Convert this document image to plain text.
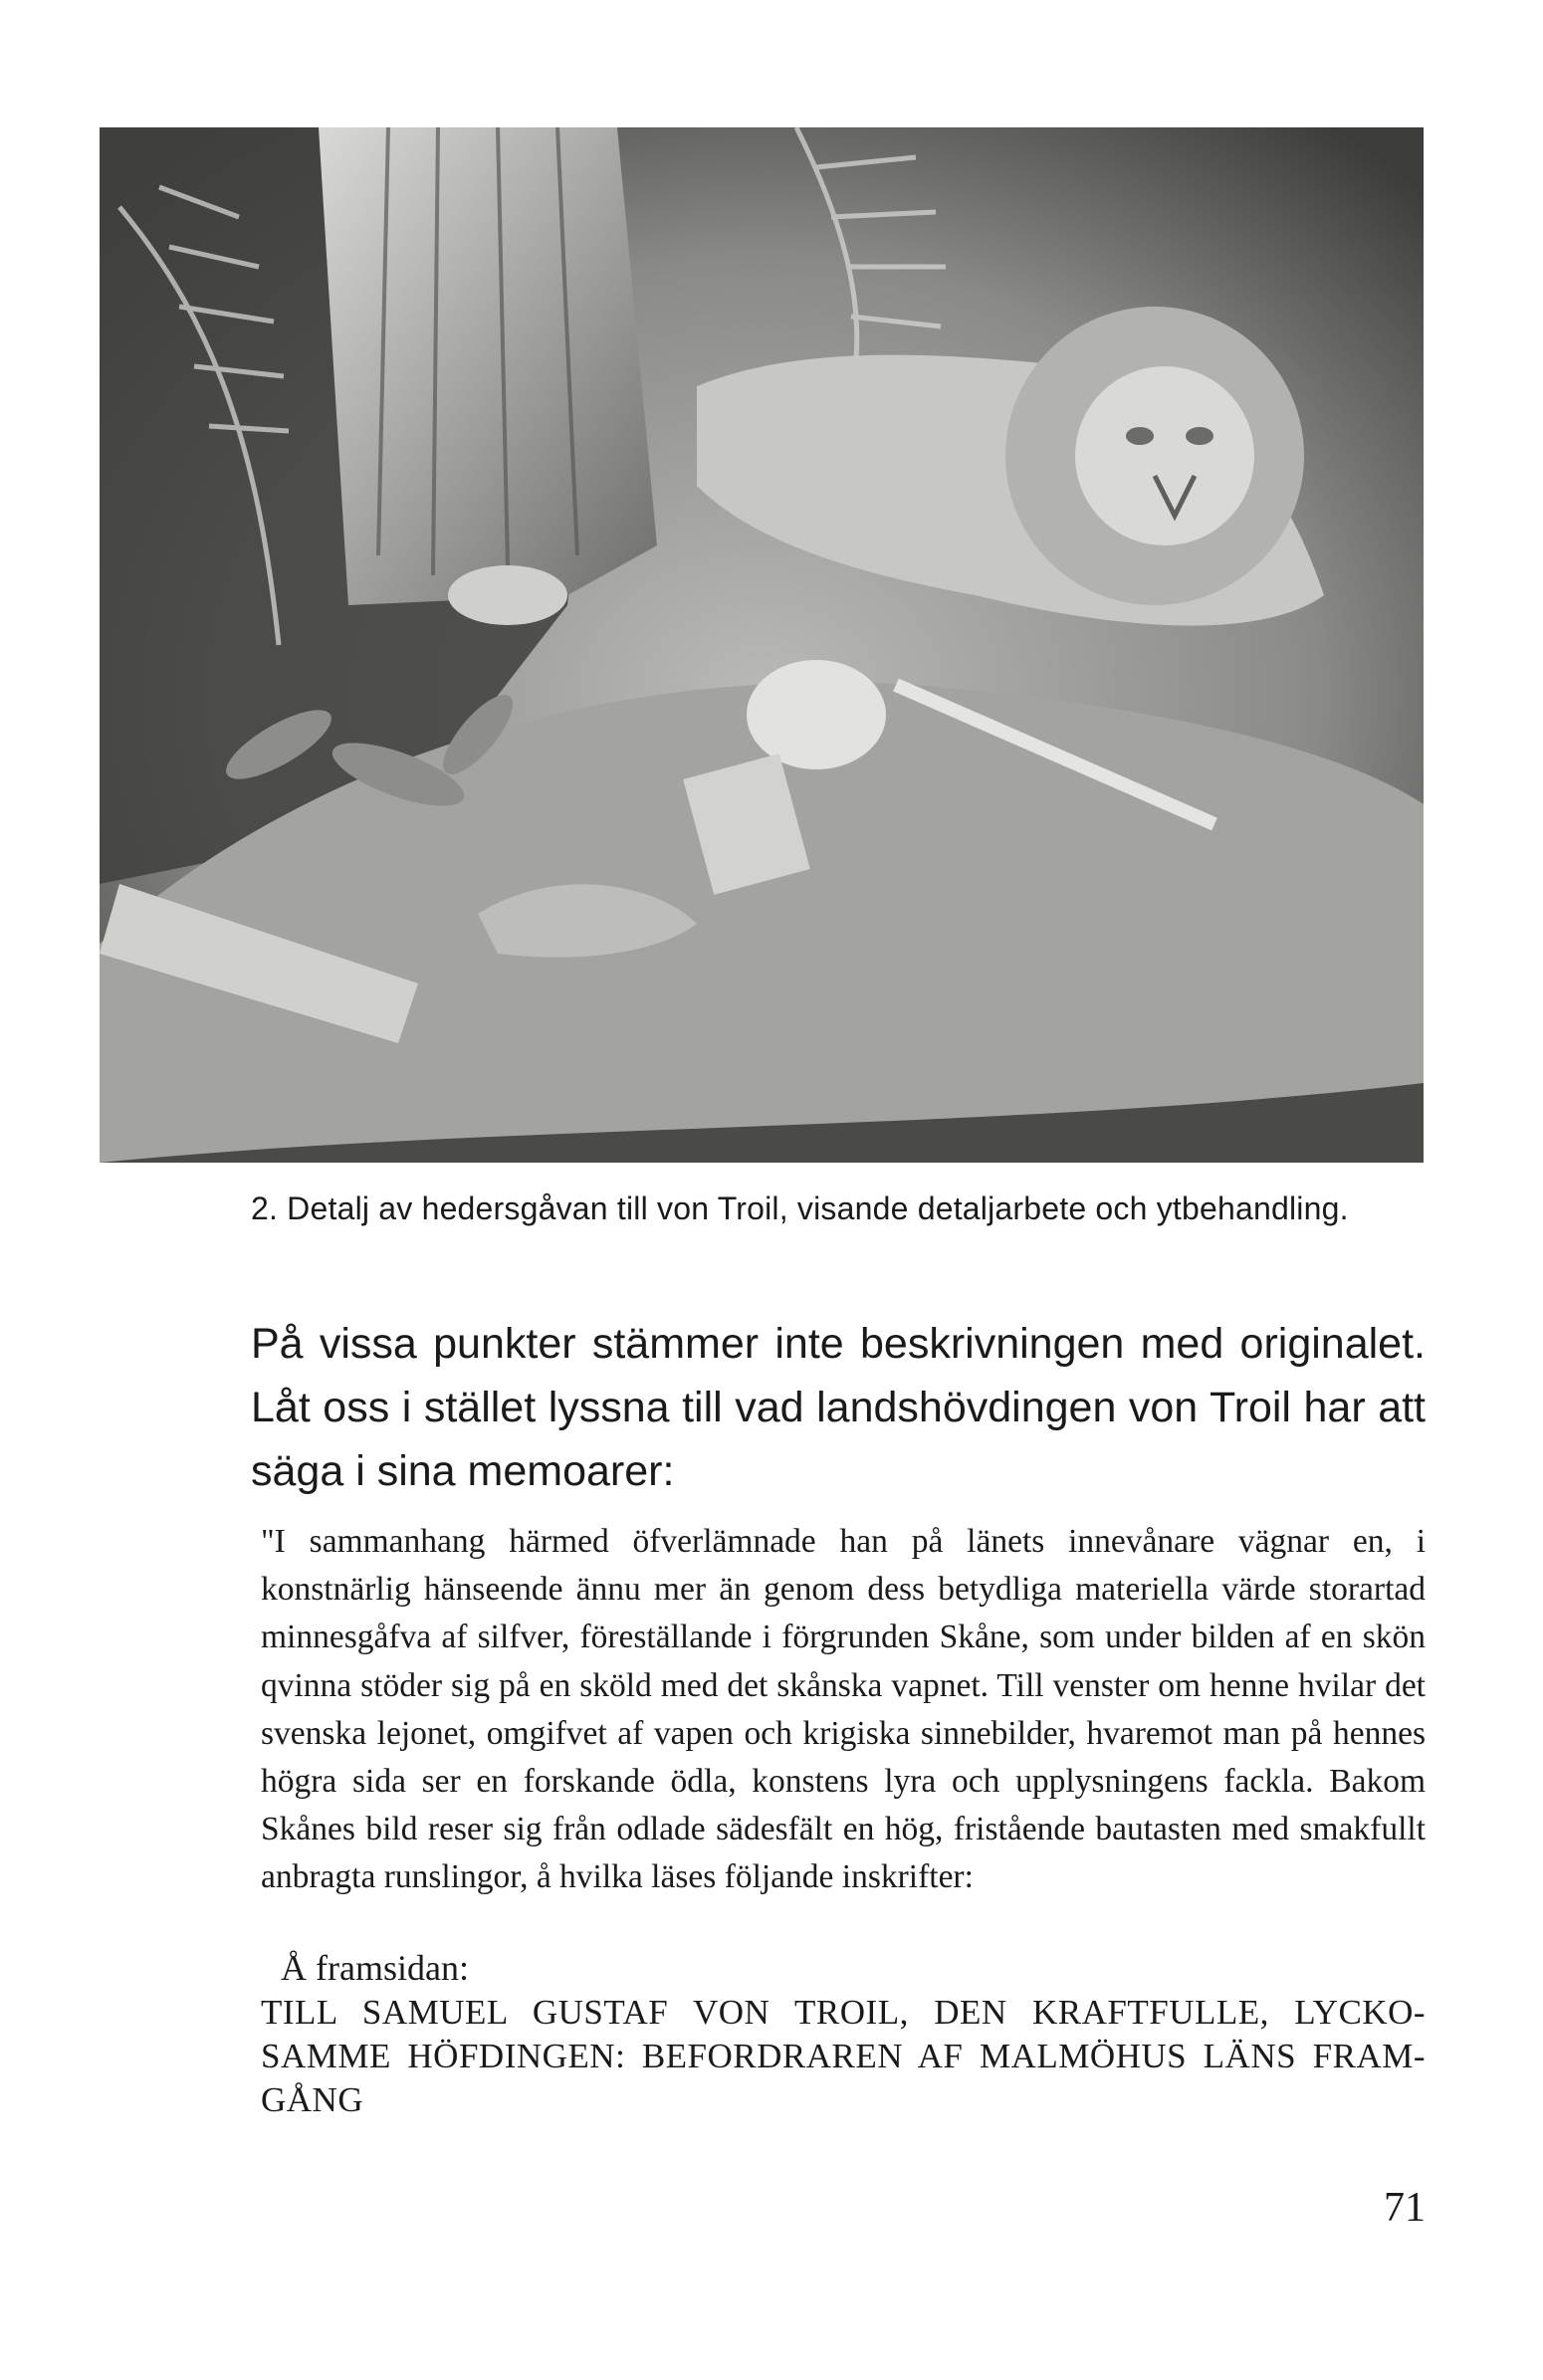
2. Detalj av hedersgåvan till von Troil, visande detaljarbete och ytbehandling.
På vissa punkter stämmer inte beskrivningen med originalet. Låt oss i stället lyssna till vad landshövdingen von Troil har att säga i sina memoarer:
"I sammanhang härmed öfverlämnade han på länets innevånare vägnar en, i konstnärlig hänseende ännu mer än genom dess betydliga materiella värde storartad minnesgåfva af silfver, föreställande i förgrunden Skåne, som under bilden af en skön qvinna stöder sig på en sköld med det skånska vapnet. Till venster om henne hvilar det svenska lejonet, omgifvet af vapen och krigiska sinnebilder, hvaremot man på hennes högra sida ser en forskande ödla, konstens lyra och upplysningens fackla. Bakom Skånes bild reser sig från odlade sädesfält en hög, fristående bautasten med smakfullt anbragta runslingor, å hvilka läses följande inskrifter:
Å framsidan:
TILL SAMUEL GUSTAF VON TROIL, DEN KRAFTFULLE, LYCKO-SAMME HÖFDINGEN: BEFORDRAREN AF MALMÖHUS LÄNS FRAM-GÅNG
71
